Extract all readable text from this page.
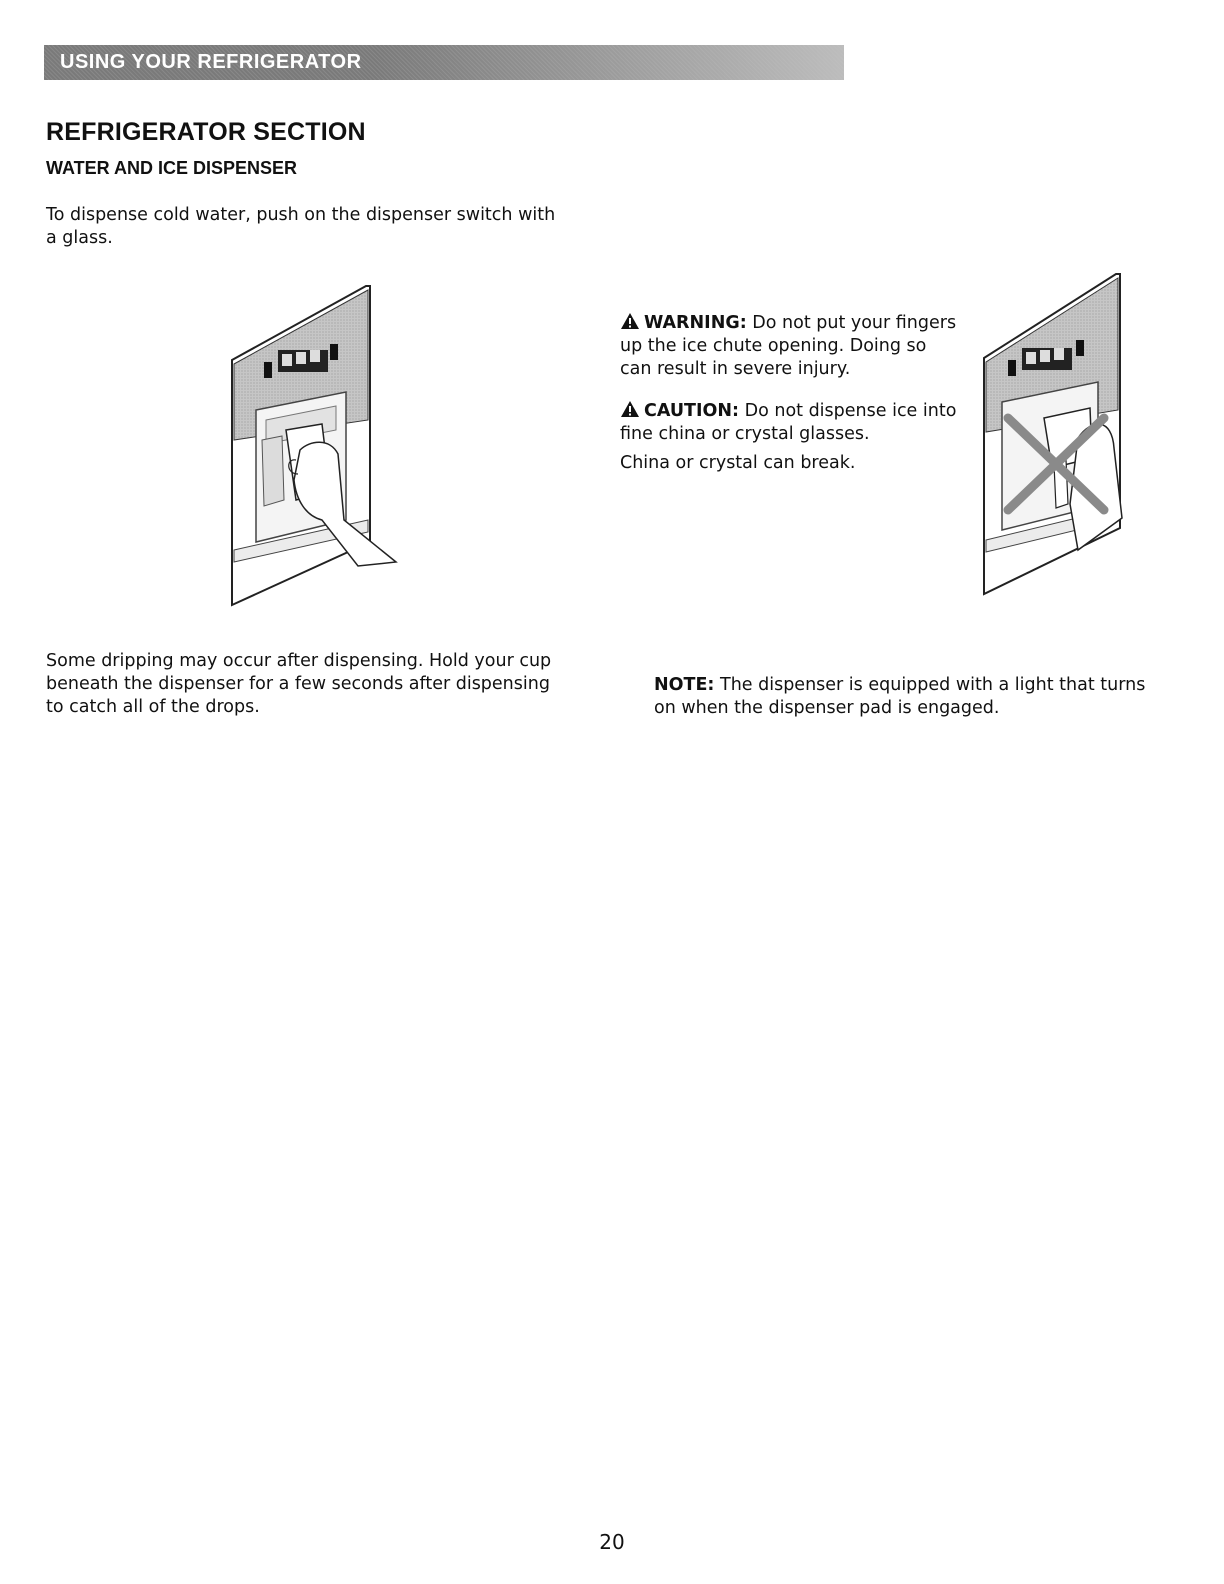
USING YOUR REFRIGERATOR
REFRIGERATOR SECTION
WATER AND ICE DISPENSER

To dispense cold water, push on the dispenser switch with a glass.

WARNING: Do not put your fingers up the ice chute opening. Doing so can result in severe injury.

CAUTION: Do not dispense ice into fine china or crystal glasses.

China or crystal can break.

Some dripping may occur after dispensing. Hold your cup beneath the dispenser for a few seconds after dispensing to catch all of the drops.

NOTE: The dispenser is equipped with a light that turns on when the dispenser pad is engaged.

20
